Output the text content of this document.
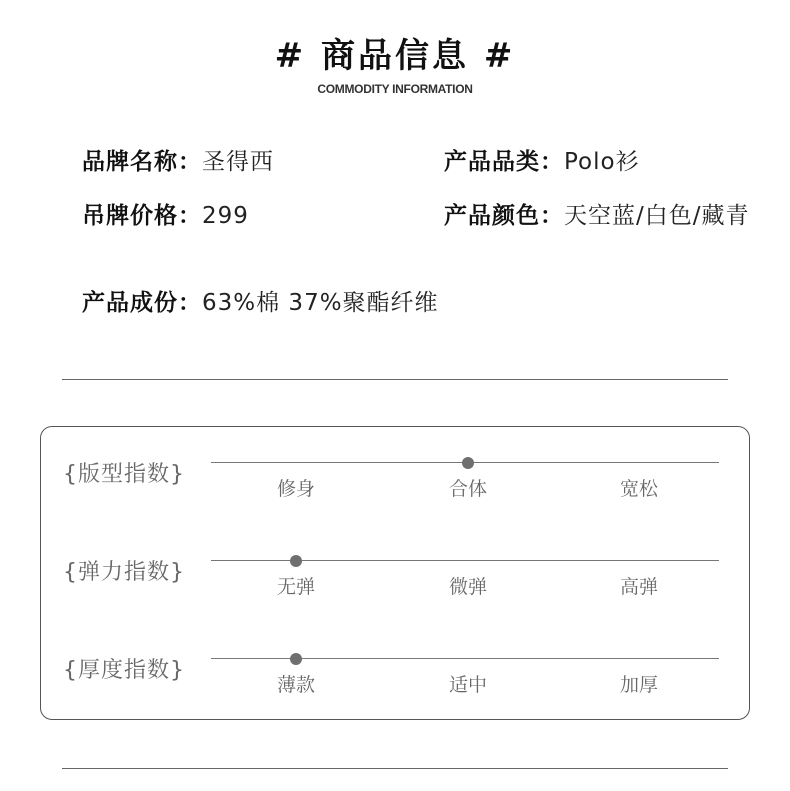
# 商品信息 #
COMMODITY INFORMATION
品牌名称：圣得西	产品品类：Polo衫
吊牌价格：299	产品颜色： 天空蓝/白色/藏青
产品成份：63%棉 37%聚酯纤维
{版型指数}
修身	合体	宽松
{弹力指数}
无弹	微弹	高弹
{厚度指数}
薄款	适中	加厚
